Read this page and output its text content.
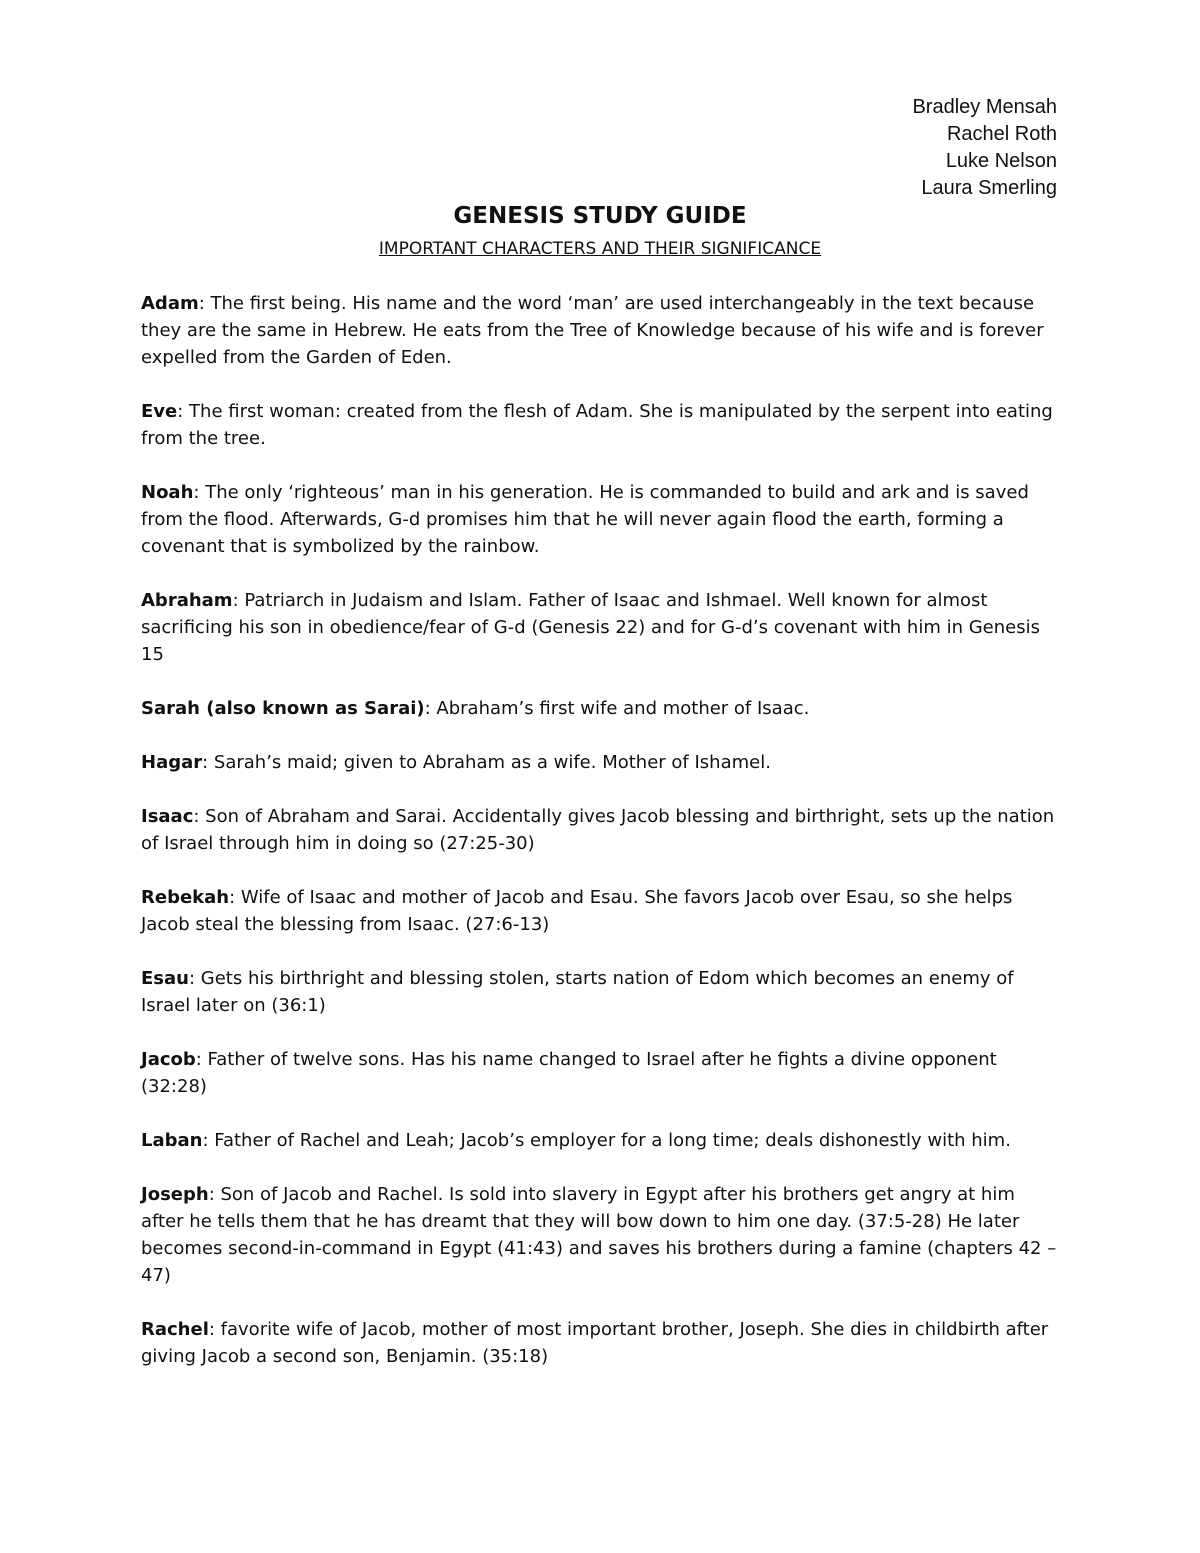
Bradley Mensah
Rachel Roth
Luke Nelson
Laura Smerling
GENESIS STUDY GUIDE
IMPORTANT CHARACTERS AND THEIR SIGNIFICANCE

Adam: The first being. His name and the word ‘man’ are used interchangeably in the text because they are the same in Hebrew. He eats from the Tree of Knowledge because of his wife and is forever expelled from the Garden of Eden.

Eve: The first woman: created from the flesh of Adam. She is manipulated by the serpent into eating from the tree.

Noah: The only ‘righteous’ man in his generation. He is commanded to build and ark and is saved from the flood. Afterwards, G-d promises him that he will never again flood the earth, forming a covenant that is symbolized by the rainbow.

Abraham: Patriarch in Judaism and Islam. Father of Isaac and Ishmael. Well known for almost sacrificing his son in obedience/fear of G-d (Genesis 22) and for G-d’s covenant with him in Genesis 15

Sarah (also known as Sarai): Abraham’s first wife and mother of Isaac.

Hagar: Sarah’s maid; given to Abraham as a wife. Mother of Ishamel.

Isaac: Son of Abraham and Sarai. Accidentally gives Jacob blessing and birthright, sets up the nation of Israel through him in doing so (27:25-30)

Rebekah: Wife of Isaac and mother of Jacob and Esau. She favors Jacob over Esau, so she helps Jacob steal the blessing from Isaac. (27:6-13)

Esau: Gets his birthright and blessing stolen, starts nation of Edom which becomes an enemy of Israel later on (36:1)

Jacob: Father of twelve sons. Has his name changed to Israel after he fights a divine opponent (32:28)

Laban: Father of Rachel and Leah; Jacob’s employer for a long time; deals dishonestly with him.

Joseph: Son of Jacob and Rachel. Is sold into slavery in Egypt after his brothers get angry at him after he tells them that he has dreamt that they will bow down to him one day. (37:5-28) He later becomes second-in-command in Egypt (41:43) and saves his brothers during a famine (chapters 42 – 47)

Rachel: favorite wife of Jacob, mother of most important brother, Joseph. She dies in childbirth after giving Jacob a second son, Benjamin. (35:18)
